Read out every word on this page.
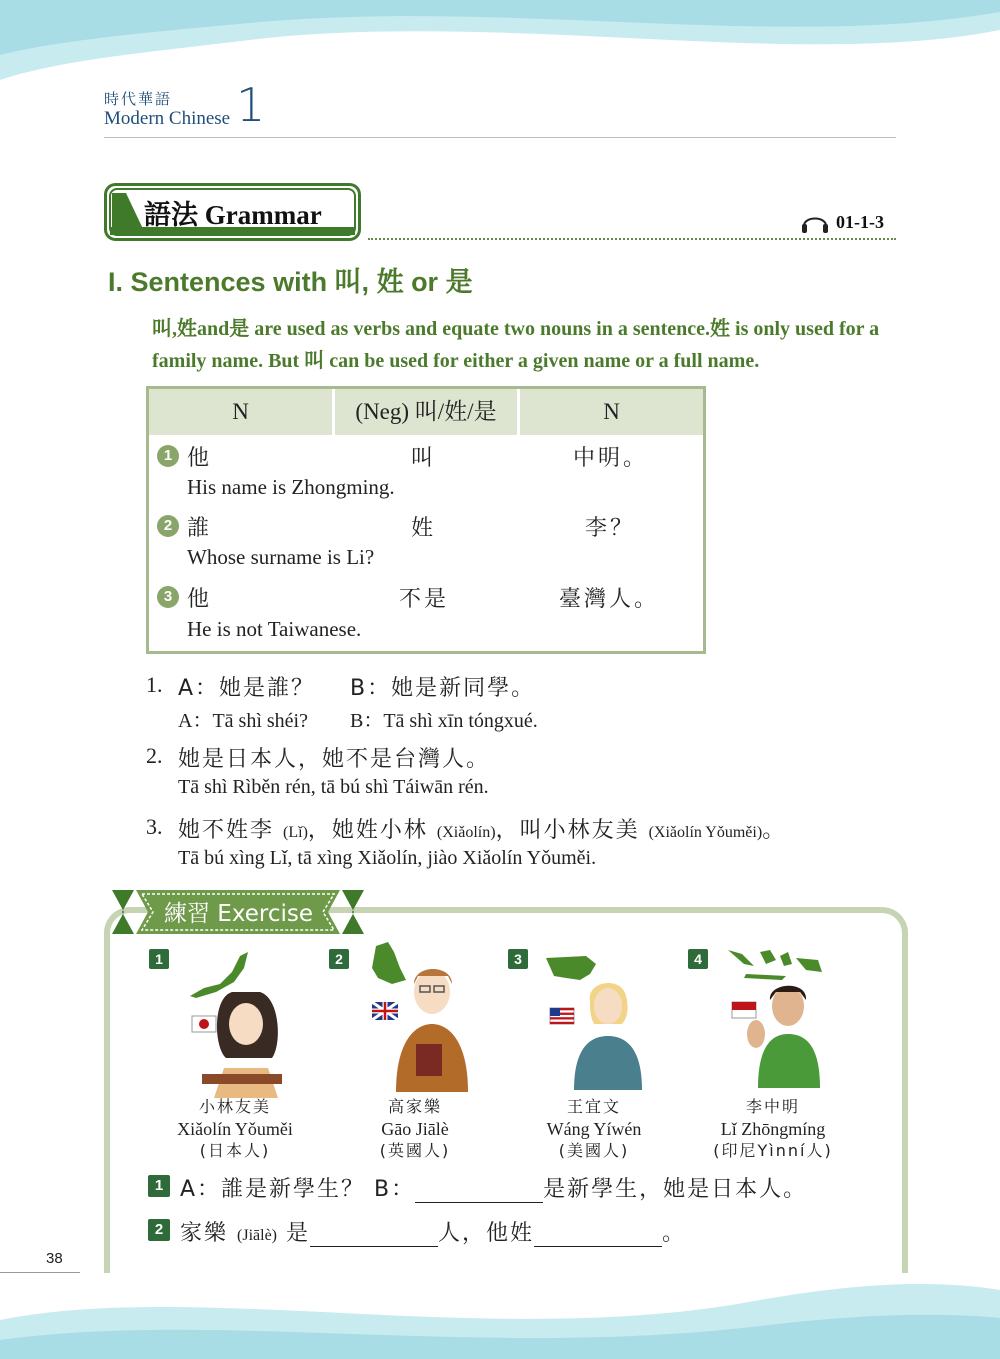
時代華語
Modern Chinese 1
語法 Grammar	01-1-3
I. Sentences with 叫, 姓 or 是
叫,姓and是 are used as verbs and equate two nouns in a sentence.姓 is only used for a family name. But 叫 can be used for either a given name or a full name.
N	(Neg) 叫/姓/是	N
1 他	叫	中明。
His name is Zhongming.
2 誰	姓	李？
Whose surname is Li?
3 他	不是	臺灣人。
He is not Taiwanese.
1. A：她是誰？ B：她是新同學。
A：Tā shì shéi? B：Tā shì xīn tóngxué.
2. 她是日本人，她不是台灣人。
Tā shì Rìběn rén, tā bú shì Táiwān rén.
3. 她不姓李 (Lǐ)，她姓小林 (Xiǎolín)，叫小林友美 (Xiǎolín Yǒuměi)。
Tā bú xìng Lǐ, tā xìng Xiǎolín, jiào Xiǎolín Yǒuměi.
練習 Exercise
1
小林友美
Xiǎolín Yǒuměi
(日本人)
2
高家樂
Gāo Jiālè
(英國人)
3
王宜文
Wáng Yíwén
(美國人)
4
李中明
Lǐ Zhōngmíng
(印尼Yìnní人)
1 A：誰是新學生？ B：	是新學生，她是日本人。
2 家樂 (Jiālè) 是	人，他姓	。
38
